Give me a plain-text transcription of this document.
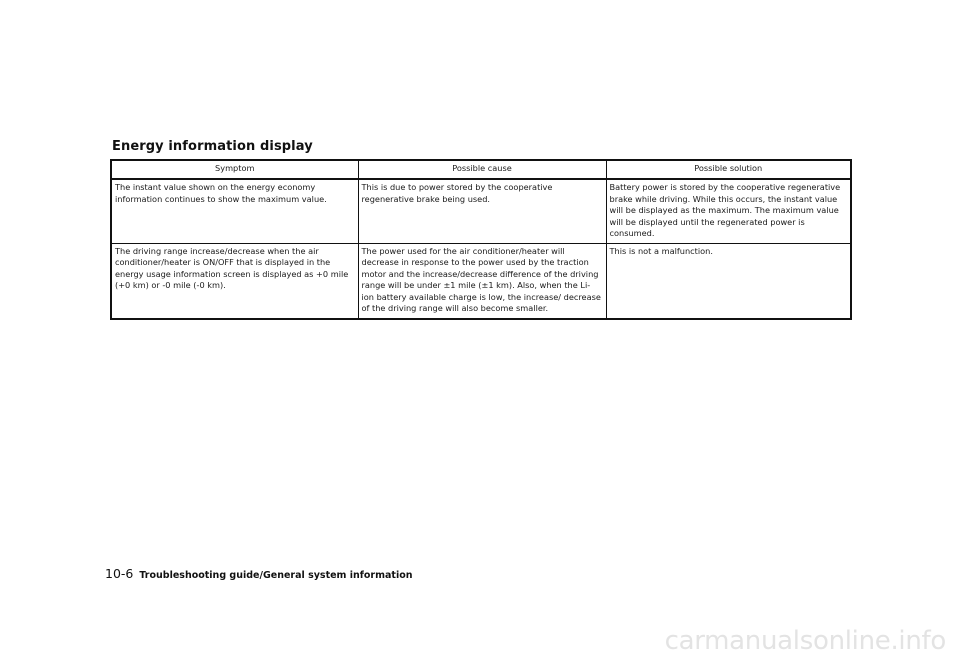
Energy information display
Symptom	Possible cause	Possible solution
The instant value shown on the energy economy information continues to show the maximum value.	This is due to power stored by the cooperative regenerative brake being used.	Battery power is stored by the cooperative regenerative brake while driving. While this occurs, the instant value will be displayed as the maximum. The maximum value will be displayed until the regenerated power is consumed.
The driving range increase/decrease when the air conditioner/heater is ON/OFF that is displayed in the energy usage information screen is displayed as +0 mile (+0 km) or -0 mile (-0 km).	The power used for the air conditioner/heater will decrease in response to the power used by the traction motor and the increase/decrease difference of the driving range will be under ±1 mile (±1 km). Also, when the Li-ion battery available charge is low, the increase/ decrease of the driving range will also become smaller.	This is not a malfunction.
10-6 Troubleshooting guide/General system information
carmanualsonline.info
